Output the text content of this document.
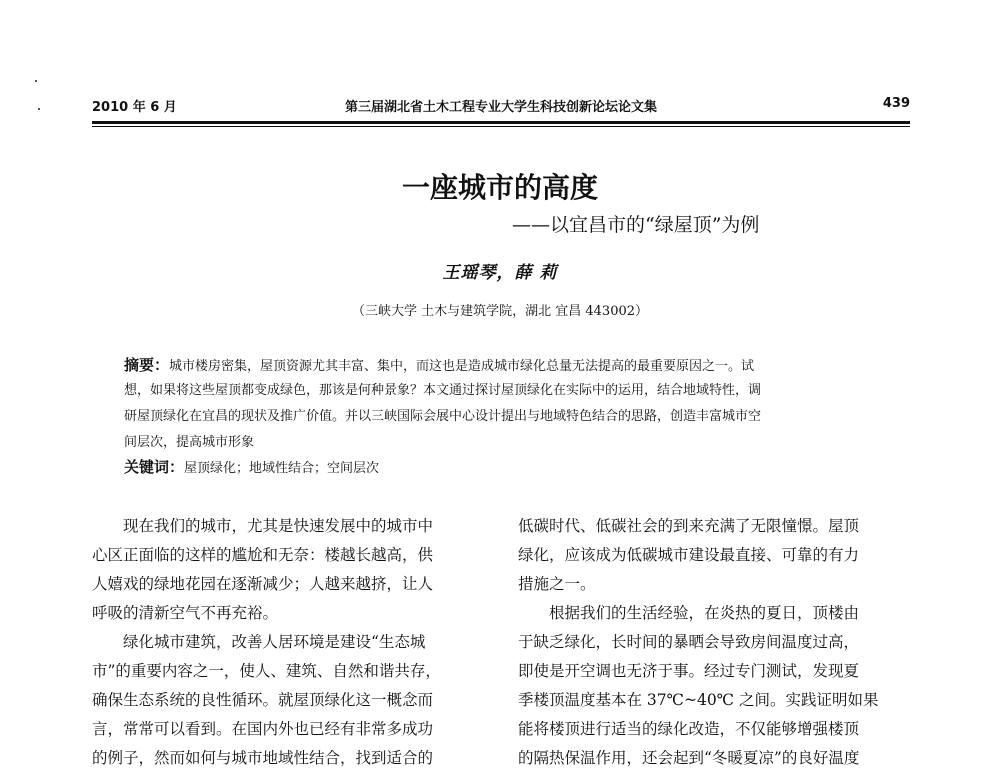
2010 年 6 月	第三届湖北省土木工程专业大学生科技创新论坛论文集	439
一座城市的高度
——以宜昌市的“绿屋顶”为例
王瑶琴，薛 莉
（三峡大学 土木与建筑学院，湖北 宜昌 443002）
摘要：城市楼房密集，屋顶资源尤其丰富、集中，而这也是造成城市绿化总量无法提高的最重要原因之一。试
想，如果将这些屋顶都变成绿色，那该是何种景象？本文通过探讨屋顶绿化在实际中的运用，结合地域特性，调
研屋顶绿化在宜昌的现状及推广价值。并以三峡国际会展中心设计提出与地域特色结合的思路，创造丰富城市空
间层次，提高城市形象
关键词：屋顶绿化；地域性结合；空间层次
　　现在我们的城市，尤其是快速发展中的城市中
心区正面临的这样的尴尬和无奈：楼越长越高，供
人嬉戏的绿地花园在逐渐减少；人越来越挤，让人
呼吸的清新空气不再充裕。
　　绿化城市建筑，改善人居环境是建设“生态城
市”的重要内容之一，使人、建筑、自然和谐共存，
确保生态系统的良性循环。就屋顶绿化这一概念而
言，常常可以看到。在国内外也已经有非常多成功
的例子，然而如何与城市地域性结合，找到适合的
低碳时代、低碳社会的到来充满了无限憧憬。屋顶
绿化，应该成为低碳城市建设最直接、可靠的有力
措施之一。
　　根据我们的生活经验，在炎热的夏日，顶楼由
于缺乏绿化，长时间的暴晒会导致房间温度过高，
即使是开空调也无济于事。经过专门测试，发现夏
季楼顶温度基本在 37℃~40℃ 之间。实践证明如果
能将楼顶进行适当的绿化改造，不仅能够增强楼顶
的隔热保温作用，还会起到“冬暖夏凉”的良好温度
